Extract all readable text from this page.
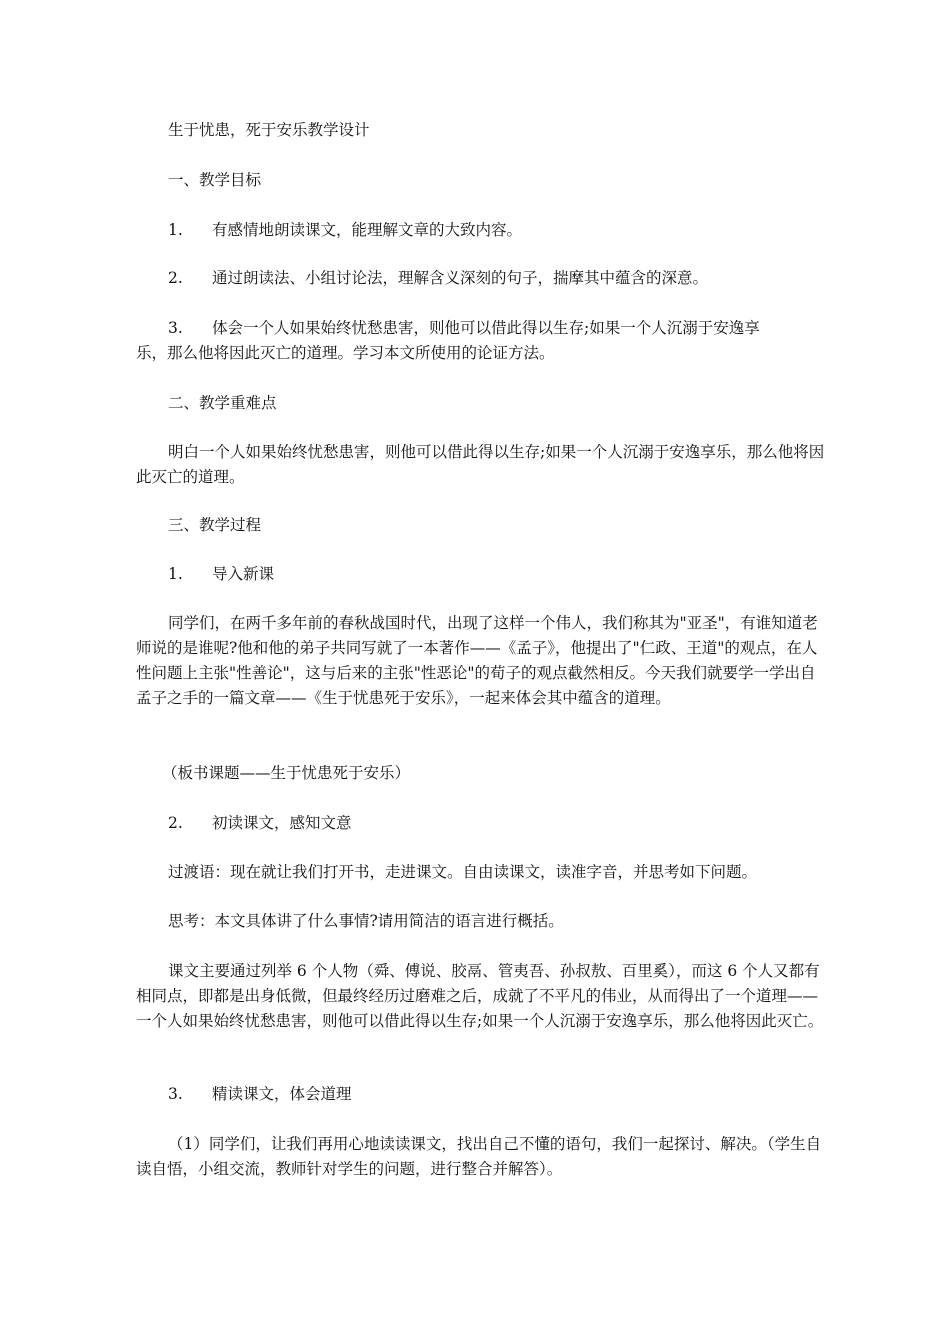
生于忧患，死于安乐教学设计

一、教学目标

1. 有感情地朗读课文，能理解文章的大致内容。

2. 通过朗读法、小组讨论法，理解含义深刻的句子，揣摩其中蕴含的深意。

3. 体会一个人如果始终忧愁患害，则他可以借此得以生存;如果一个人沉溺于安逸享

乐，那么他将因此灭亡的道理。学习本文所使用的论证方法。

二、教学重难点

明白一个人如果始终忧愁患害，则他可以借此得以生存;如果一个人沉溺于安逸享乐，那么他将因此灭亡的道理。

三、教学过程

1. 导入新课

同学们，在两千多年前的春秋战国时代，出现了这样一个伟人，我们称其为"亚圣"，有谁知道老师说的是谁呢?他和他的弟子共同写就了一本著作——《孟子》，他提出了"仁政、王道"的观点，在人性问题上主张"性善论"，这与后来的主张"性恶论"的荀子的观点截然相反。今天我们就要学一学出自孟子之手的一篇文章——《生于忧患死于安乐》，一起来体会其中蕴含的道理。

（板书课题——生于忧患死于安乐）

2. 初读课文，感知文意

过渡语：现在就让我们打开书，走进课文。自由读课文，读准字音，并思考如下问题。

思考：本文具体讲了什么事情?请用简洁的语言进行概括。

课文主要通过列举 6 个人物（舜、傅说、胶鬲、管夷吾、孙叔敖、百里奚），而这 6 个人又都有相同点，即都是出身低微，但最终经历过磨难之后，成就了不平凡的伟业，从而得出了一个道理——一个人如果始终忧愁患害，则他可以借此得以生存;如果一个人沉溺于安逸享乐，那么他将因此灭亡。

3. 精读课文，体会道理

（1）同学们，让我们再用心地读读课文，找出自己不懂的语句，我们一起探讨、解决。（学生自读自悟，小组交流，教师针对学生的问题，进行整合并解答）。
